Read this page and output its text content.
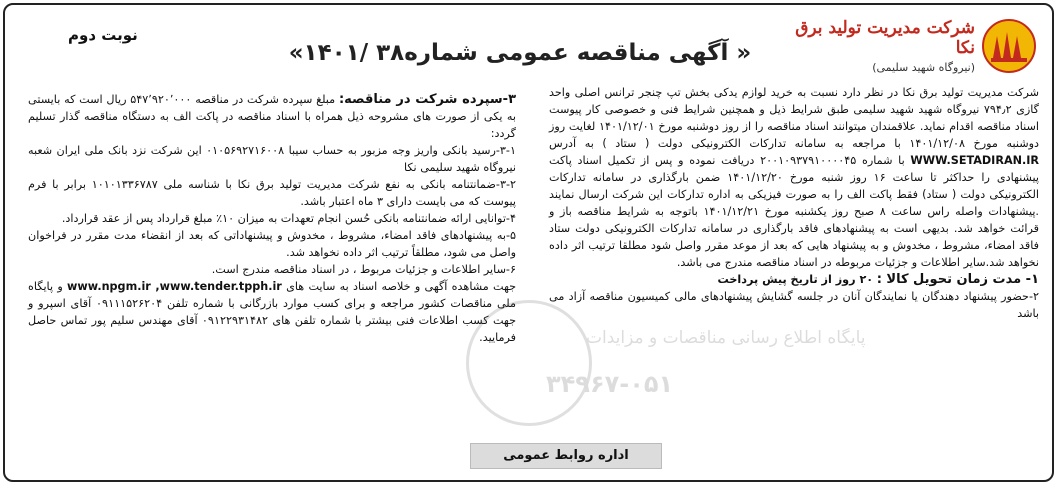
نوبت دوم
« آگهی مناقصه عمومی شماره۳۸ /۱۴۰۱»
شرکت مدیریت تولید برق نکا
(نیروگاه شهید سلیمی)

شرکت مدیریت تولید برق نکا در نظر دارد نسبت به خرید لوازم یدکی بخش تپ چنجر ترانس اصلی واحد گازی ۷۹۴٫۲ نیروگاه شهید شهید سلیمی طبق شرایط ذیل و همچنین شرایط فنی و خصوصی کار پیوست اسناد مناقصه اقدام نماید. علاقمندان میتوانند اسناد مناقصه را از روز دوشنبه مورخ ۱۴۰۱/۱۲/۰۱ لغایت روز دوشنبه مورخ ۱۴۰۱/۱۲/۰۸ با مراجعه به سامانه تدارکات الکترونیکی دولت ( ستاد ) به آدرس WWW.SETADIRAN.IR با شماره ۲۰۰۱۰۹۳۷۹۱۰۰۰۰۴۵ دریافت نموده و پس از تکمیل اسناد پاکت پیشنهادی را حداکثر تا ساعت ۱۶ روز شنبه مورخ ۱۴۰۱/۱۲/۲۰ ضمن بارگذاری در سامانه تدارکات الکترونیکی دولت ( ستاد) فقط پاکت الف را به صورت فیزیکی به اداره تدارکات این شرکت ارسال نمایند .پیشنهادات واصله راس ساعت ۸ صبح روز یکشنبه مورخ ۱۴۰۱/۱۲/۲۱ باتوجه به شرایط مناقصه باز و قرائت خواهد شد. بدیهی است به پیشنهادهای فاقد بارگذاری در سامانه تدارکات الکترونیکی دولت ستاد فاقد امضاء، مشروط ، مخدوش و به پیشنهاد هایی که بعد از موعد مقرر واصل شود مطلقا ترتیب اثر داده نخواهد شد.سایر اطلاعات و جزئیات مربوطه در اسناد مناقصه مندرج می باشد.

۱- مدت زمان تحویل کالا : ۲۰ روز از تاریخ پیش پرداخت

۲-حضور پیشنهاد دهندگان یا نمایندگان آنان در جلسه گشایش پیشنهادهای مالی کمیسیون مناقصه آزاد می باشد

۳-سپرده شرکت در مناقصه: مبلغ سپرده شرکت در مناقصه ۵۴۷٬۹۲۰٬۰۰۰ ریال است که بایستی به یکی از صورت های مشروحه ذیل همراه با اسناد مناقصه در پاکت الف به دستگاه مناقصه گذار تسلیم گردد:

۳-۱-رسید بانکی واریز وجه مزبور به حساب سیبا ۰۱۰۵۶۹۲۷۱۶۰۰۸ این شرکت نزد بانک ملی ایران شعبه نیروگاه شهید سلیمی نکا

۳-۲-ضمانتنامه بانکی به نفع شرکت مدیریت تولید برق نکا با شناسه ملی ۱۰۱۰۱۳۳۶۷۸۷ برابر با فرم پیوست که می بایست دارای ۳ ماه اعتبار باشد.

۴-توانایی ارائه ضمانتنامه بانکی حُسن انجام تعهدات به میزان ۱۰٪ مبلغ قرارداد پس از عقد قرارداد.

۵-به پیشنهادهای فاقد امضاء، مشروط ، مخدوش و پیشنهاداتی که بعد از انقضاء مدت مقرر در فراخوان واصل می شود، مطلقاً ترتیب اثر داده نخواهد شد.

۶-سایر اطلاعات و جزئیات مربوط ، در اسناد مناقصه مندرج است.

جهت مشاهده آگهی و خلاصه اسناد به سایت های www.npgm.ir ,www.tender.tpph.ir و پایگاه ملی مناقصات کشور مراجعه و برای کسب موارد بازرگانی با شماره تلفن ۰۹۱۱۱۵۲۶۲۰۴ آقای اسپرو و جهت کسب اطلاعات فنی بیشتر با شماره تلفن های ۰۹۱۲۲۹۳۱۴۸۲ آقای مهندس سلیم پور تماس حاصل فرمایید.	پایگاه اطلاع رسانی مناقصات و مزایدات
۳۴۹۶۷-۰۵۱
اداره روابط عمومی
